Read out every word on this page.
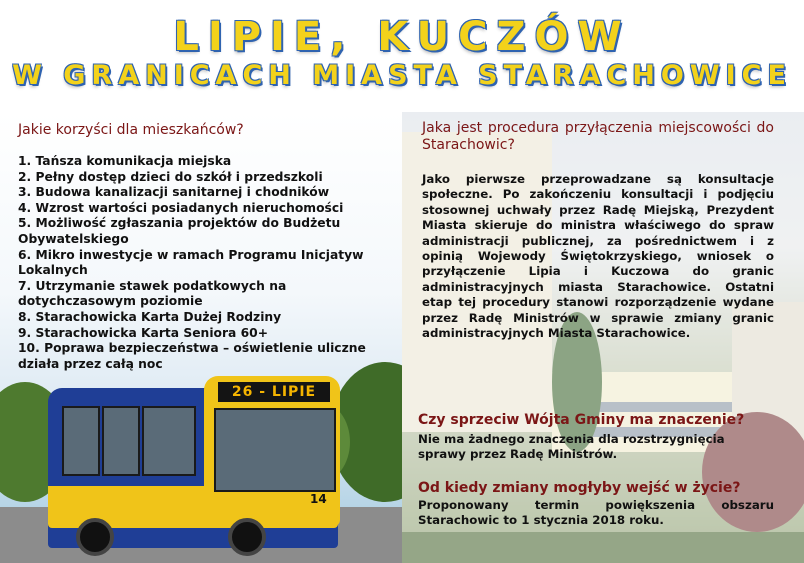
LIPIE, KUCZÓW
W GRANICACH MIASTA STARACHOWICE
26 - LIPIE
14
Jakie korzyści dla mieszkańców?
1. Tańsza komunikacja miejska
2. Pełny dostęp dzieci do szkół i przedszkoli
3. Budowa kanalizacji sanitarnej i chodników
4. Wzrost wartości posiadanych nieruchomości
5. Możliwość zgłaszania projektów do Budżetu Obywatelskiego
6. Mikro inwestycje w ramach Programu Inicjatyw Lokalnych
7. Utrzymanie stawek podatkowych na dotychczasowym poziomie
8. Starachowicka Karta Dużej Rodziny
9. Starachowicka Karta Seniora 60+
10. Poprawa bezpieczeństwa – oświetlenie uliczne działa przez całą noc
Jaka jest procedura przyłączenia miejscowości do Starachowic?
Jako pierwsze przeprowadzane są konsultacje społeczne. Po zakończeniu konsultacji i podjęciu stosownej uchwały przez Radę Miejską, Prezydent Miasta skieruje do ministra właściwego do spraw administracji publicznej, za pośrednictwem i z opinią Wojewody Świętokrzyskiego, wniosek o przyłączenie Lipia i Kuczowa do granic administracyjnych miasta Starachowice. Ostatni etap tej procedury stanowi rozporządzenie wydane przez Radę Ministrów w sprawie zmiany granic administracyjnych Miasta Starachowice.
Czy sprzeciw Wójta Gminy ma znaczenie?
Nie ma żadnego znaczenia dla rozstrzygnięcia sprawy przez Radę Ministrów.
Od kiedy zmiany mogłyby wejść w życie?
Proponowany termin powiększenia obszaru Starachowic to 1 stycznia 2018 roku.
